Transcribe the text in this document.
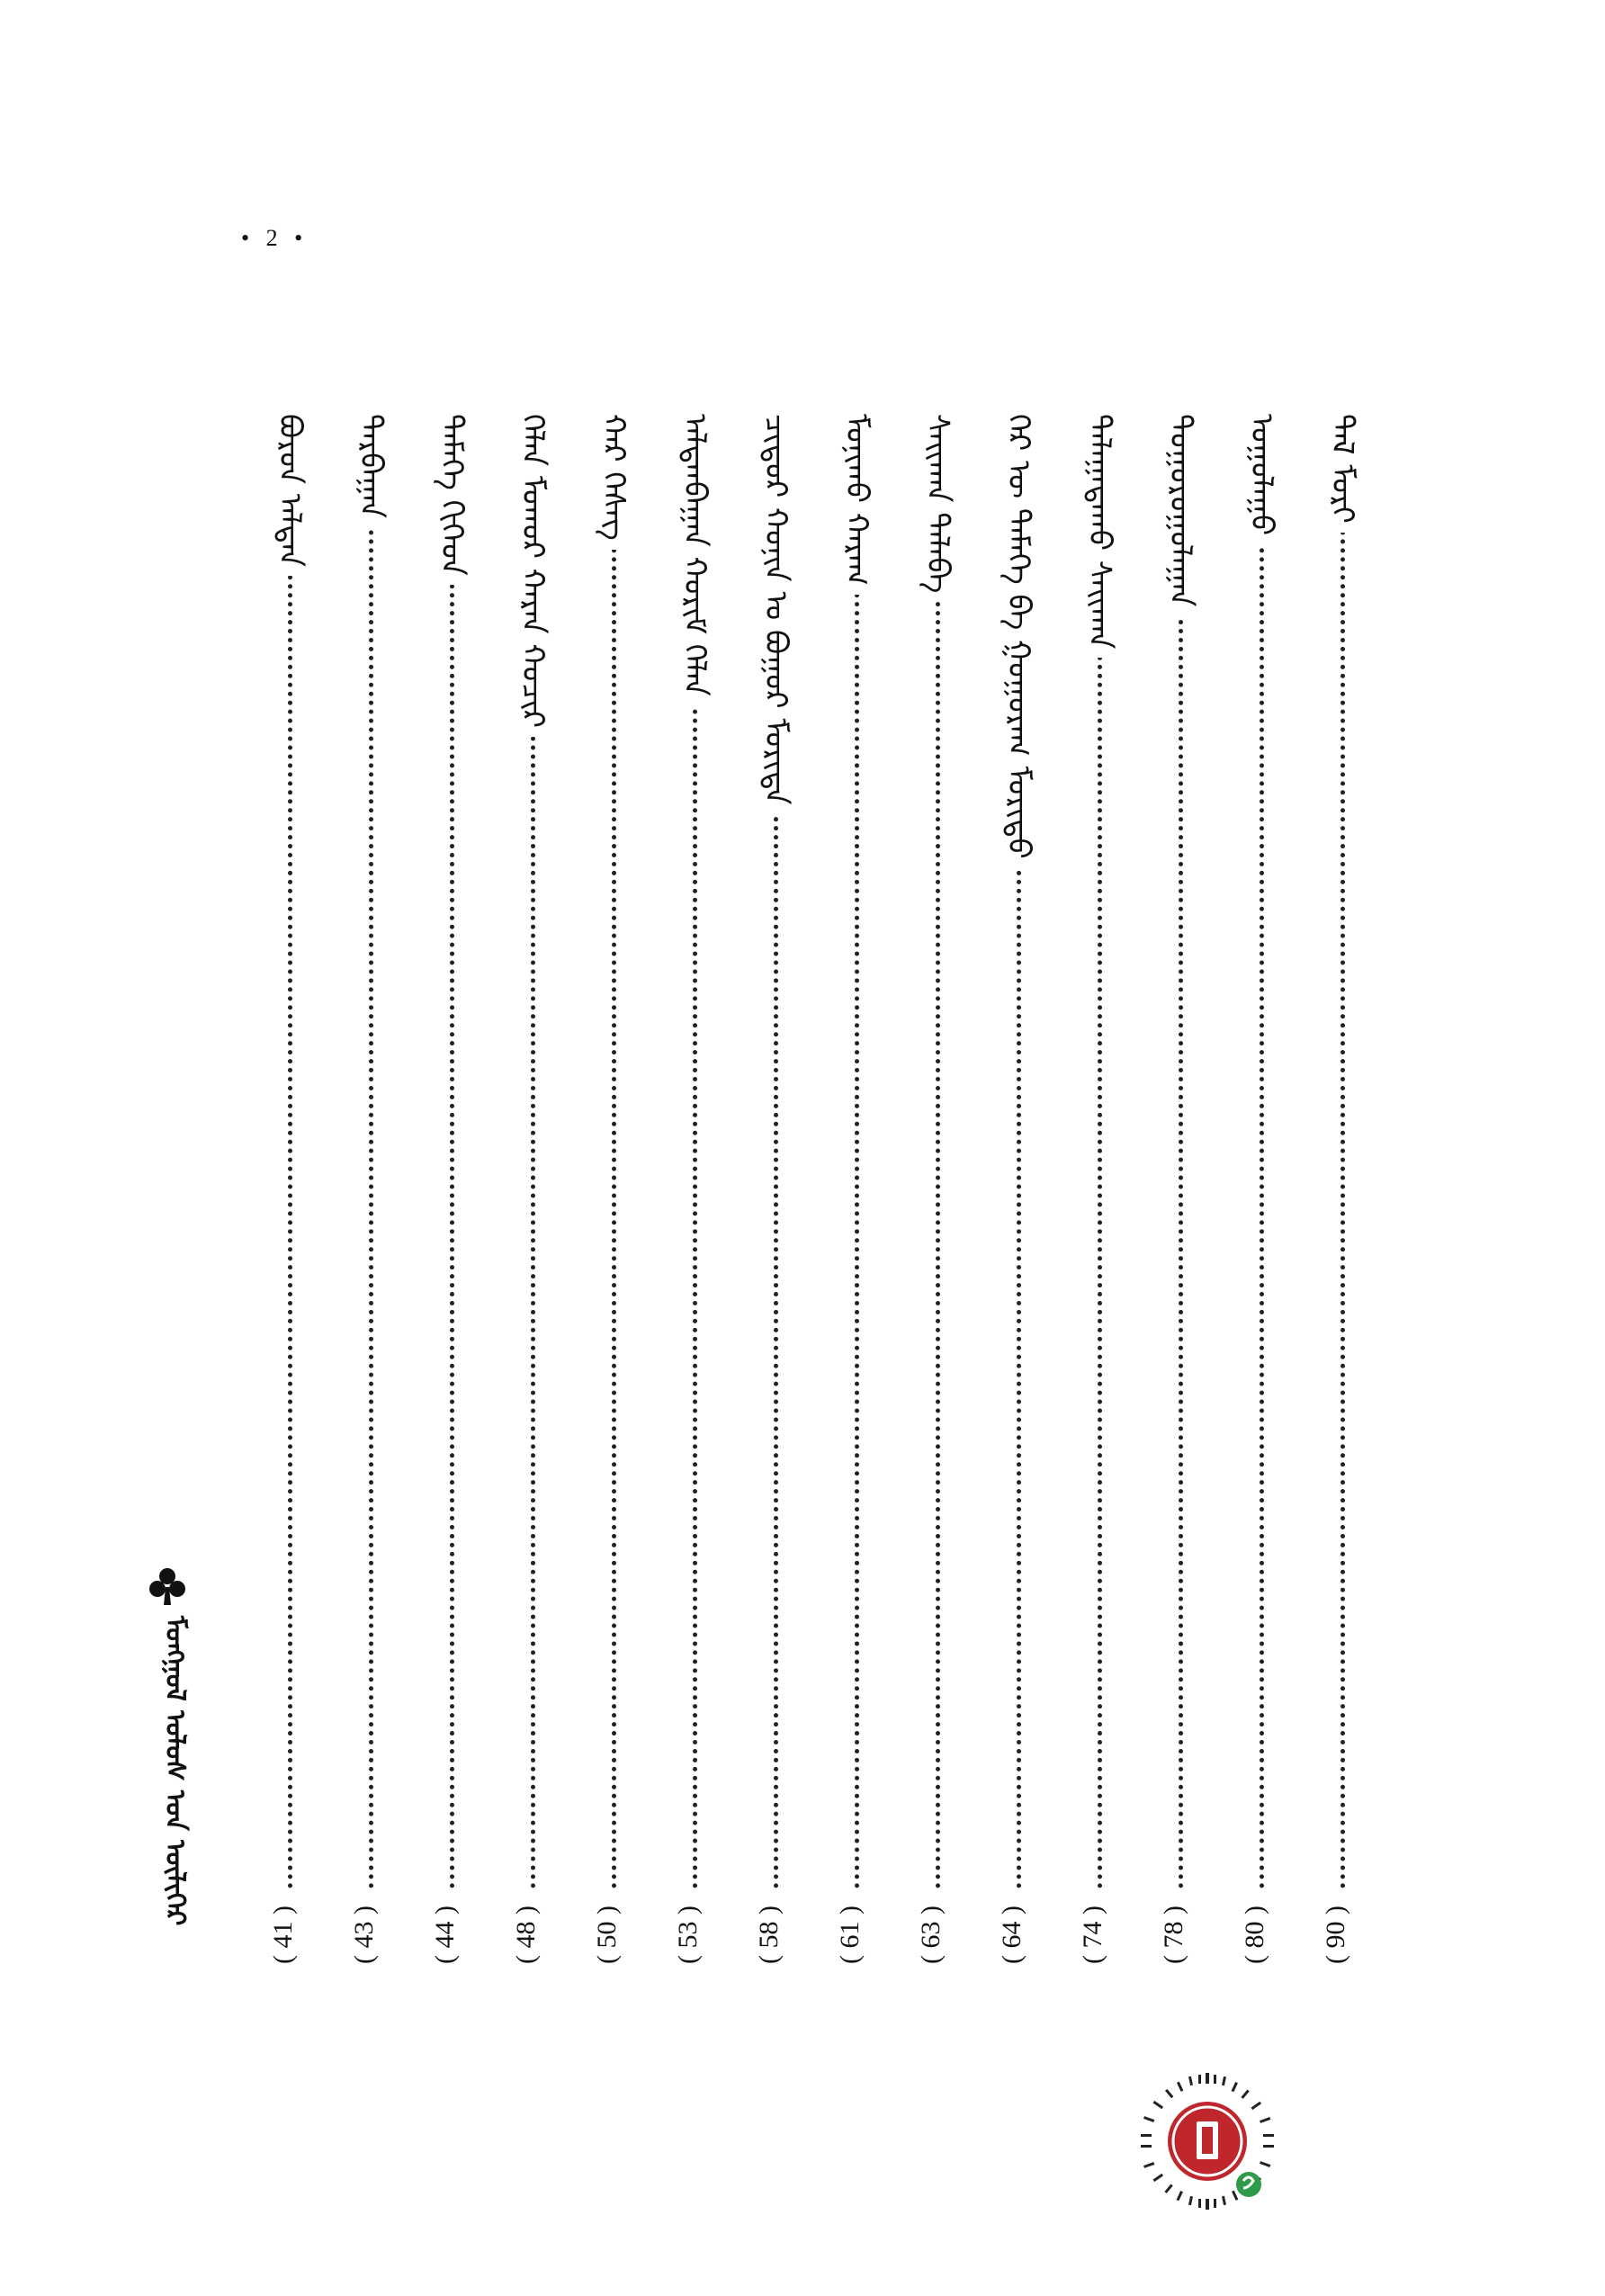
• 2 •
ᠪᠣᠷᠤᠨ ᠠᠯᠲᠠᠨ
( 41 )
ᠲᠠᠷᠪᠠᠭᠠᠨ
( 43 )
ᠲᠡᠮᠡᠭᠡ ᠬᠢᠭᠡᠳ
( 44 )
ᠬᠡᠯᠡᠨ ᠮᠤᠬᠤᠷ ᠬᠠᠷᠠᠨ ᠬᠤᠴᠢᠷ
( 48 )
ᠬᠠᠷ ᠬᠡᠰᠡᠭ
( 50 )
ᠠᠯᠲᠠᠨᠪᠠᠭᠠᠨ ᠬᠤᠷᠢᠮ ᠬᠡᠯᠡᠨ
( 53 )
ᠴᠢᠳᠤᠷ ᠬᠣᠨᠢᠨ ᠤ ᠪᠣᠭᠤᠷ ᠮᠣᠷᠢᠳᠠ
( 58 )
ᠮᠣᠨᠢᠬᠤ ᠬᠠᠷᠠᠭ
( 61 )
ᠰᠠᠢᠬᠠᠨ ᠲᠠᠯᠠᠪᠠ
( 63 )
ᠬᠡᠷ ᠦ ᠲᠡᠮᠡᠭᠡ ᠪᠠ ᠭᠤᠭᠤᠷᠠᠭ ᠮᠣᠷᠢᠳᠤ
( 64 )
ᠲᠠᠯᠠᠭᠠᠳᠠᠬᠤ ᠰᠠᠢᠬᠠᠨ
( 74 )
ᠲᠣᠭᠣᠷᠣᠭᠤᠯᠠᠭᠠᠨ
( 78 )
ᠤᠭᠤᠯᠠᠭᠤ
( 80 )
ᠲᠠᠯ ᠮᠣᠷᠢ
( 90 )
ᠮᠣᠩᠭᠣᠯ ᠤᠯᠤᠰ ᠤᠨ ᠦᠯᠢᠭᠡᠷ
